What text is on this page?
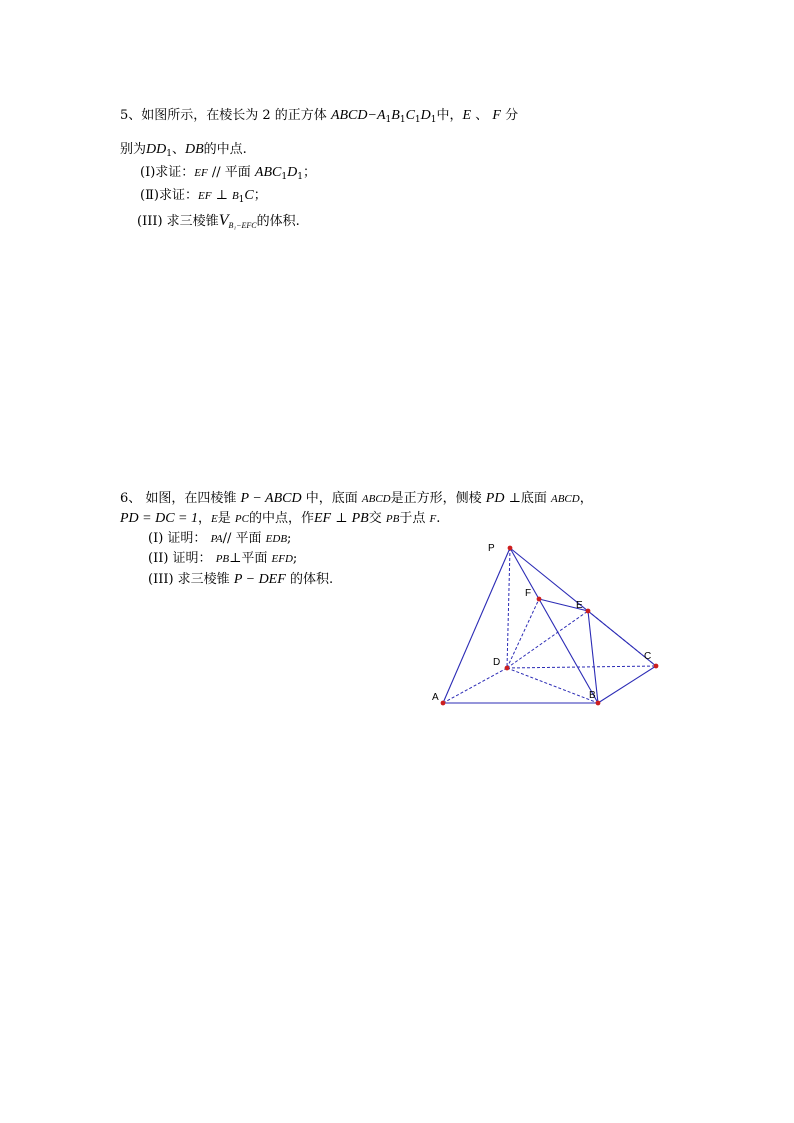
5、如图所示，在棱长为 2 的正方体 $ABCD-A_1B_1C_1D_1$中，E 、 F 分
别为$DD_1$、DB的中点.
(Ⅰ)求证：EF // 平面 $ABC_1D_1$；
(Ⅱ)求证：EF ⊥ $B_1C$；
(III) 求三棱锥$V_{B_1-EFC}$的体积.
6、 如图，在四棱锥 P − ABCD 中，底面 ABCD是正方形，侧棱 PD ⊥底面 ABCD，
PD = DC = 1，E是 PC的中点，作EF ⊥ PB交 PB于点 F.
(I) 证明： PA// 平面 EDB;
(II) 证明： PB⊥平面 EFD;
(III) 求三棱锥 P − DEF 的体积.
P
F
E
D
C
A	B
